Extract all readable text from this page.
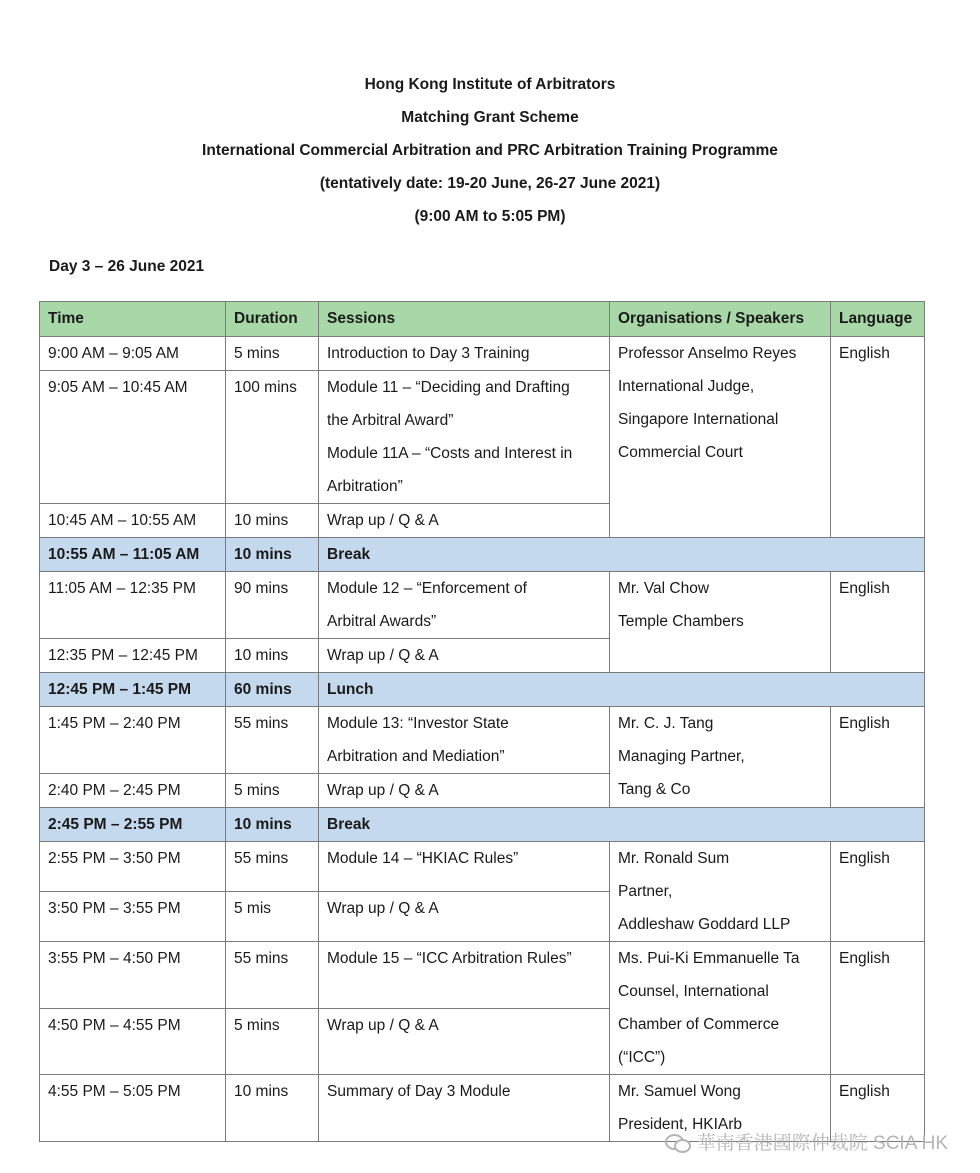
Hong Kong Institute of Arbitrators
Matching Grant Scheme
International Commercial Arbitration and PRC Arbitration Training Programme
(tentatively date: 19-20 June, 26-27 June 2021)
(9:00 AM to 5:05 PM)
Day 3 – 26 June 2021
Time	Duration	Sessions	Organisations / Speakers	Language
9:00 AM – 9:05 AM	5 mins	Introduction to Day 3 Training	Professor Anselmo Reyes
International Judge,
Singapore International
Commercial Court	English
9:05 AM – 10:45 AM	100 mins	Module 11 – “Deciding and Drafting
the Arbitral Award”
Module 11A – “Costs and Interest in
Arbitration”		

10:45 AM – 10:55 AM	10 mins	Wrap up / Q & A		
10:55 AM – 11:05 AM	10 mins	Break		
11:05 AM – 12:35 PM	90 mins	Module 12 – “Enforcement of
Arbitral Awards”	Mr. Val Chow
Temple Chambers	English
12:35 PM – 12:45 PM	10 mins	Wrap up / Q & A		
12:45 PM – 1:45 PM	60 mins	Lunch		
1:45 PM – 2:40 PM	55 mins	Module 13: “Investor State
Arbitration and Mediation”	Mr. C. J. Tang
Managing Partner,
Tang & Co	English
2:40 PM – 2:45 PM	5 mins	Wrap up / Q & A		
2:45 PM – 2:55 PM	10 mins	Break		
2:55 PM – 3:50 PM	55 mins	Module 14 – “HKIAC Rules”	Mr. Ronald Sum
Partner,
Addleshaw Goddard LLP	English
3:50 PM – 3:55 PM	5 mis	Wrap up / Q & A		
3:55 PM – 4:50 PM	55 mins	Module 15 – “ICC Arbitration Rules”	Ms. Pui-Ki Emmanuelle Ta
Counsel, International
Chamber of Commerce
(“ICC”)	English
4:50 PM – 4:55 PM	5 mins	Wrap up / Q & A		
4:55 PM – 5:05 PM	10 mins	Summary of Day 3 Module	Mr. Samuel Wong
President, HKIArb	English
華南香港國際仲裁院 SCIA HK
